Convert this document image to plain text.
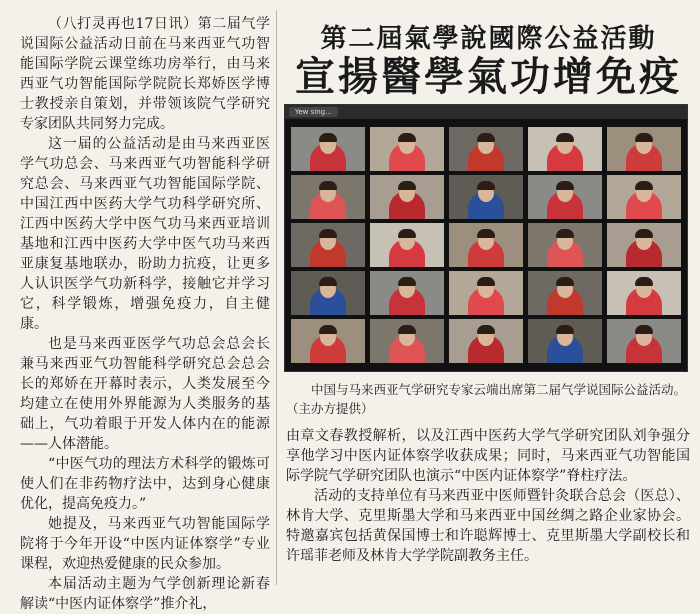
（八打灵再也17日讯）第二届气学说国际公益活动日前在马来西亚气功智能国际学院云课堂练功房举行，由马来西亚气功智能国际学院院长郑娇医学博士教授亲自策划，并带领该院气学研究专家团队共同努力完成。

这一届的公益活动是由马来西亚医学气功总会、马来西亚气功智能科学研究总会、马来西亚气功智能国际学院、中国江西中医药大学气功科学研究所、江西中医药大学中医气功马来西亚培训基地和江西中医药大学中医气功马来西亚康复基地联办，盼助力抗疫，让更多人认识医学气功新科学，接触它并学习它，科学锻炼，增强免疫力，自主健康。

也是马来西亚医学气功总会总会长兼马来西亚气功智能科学研究总会总会长的郑娇在开幕时表示，人类发展至今均建立在使用外界能源为人类服务的基础上，气功着眼于开发人体内在的能源——人体潜能。

“中医气功的理法方术科学的锻炼可使人们在非药物疗法中，达到身心健康优化，提高免疫力。”

她提及，马来西亚气功智能国际学院将于今年开设“中医内证体察学”专业课程，欢迎热爱健康的民众参加。

本届活动主题为气学创新理论新春解读“中医内证体察学”推介礼，

第二屆氣學說國際公益活動
宣揚醫學氣功增免疫
Yew sing...

中国与马来西亚气学研究专家云端出席第二届气学说国际公益活动。（主办方提供）

由章文春教授解析，以及江西中医药大学气学研究团队刘争强分享他学习中医内证体察学收获成果；同时，马来西亚气功智能国际学院气学研究团队也演示“中医内证体察学”脊柱疗法。

活动的支持单位有马来西亚中医师暨针灸联合总会（医总）、林肯大学、克里斯墨大学和马来西亚中国丝绸之路企业家协会。特邀嘉宾包括黄保国博士和许聪辉博士、克里斯墨大学副校长和许瑶菲老师及林肯大学学院副教务主任。
